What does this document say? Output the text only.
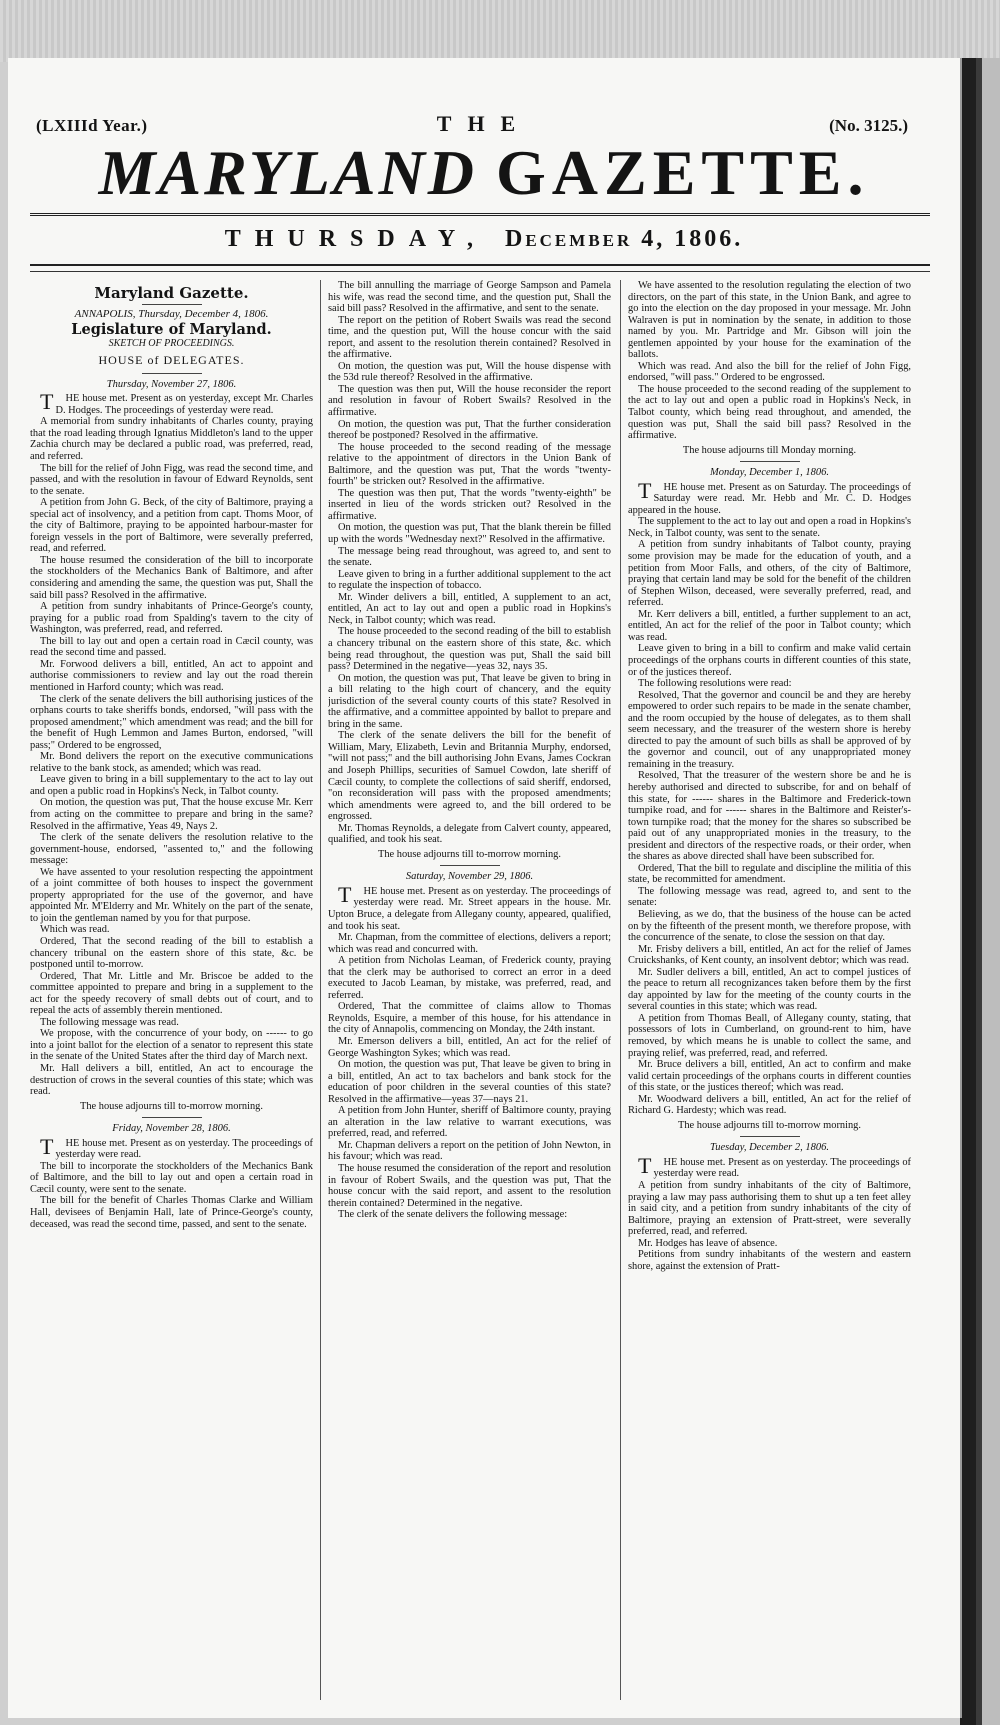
(LXIIId Year.)	THE	(No. 3125.)
MARYLAND GAZETTE.
THURSDAY, December 4, 1806.

Maryland Gazette.

ANNAPOLIS, Thursday, December 4, 1806.

Legislature of Maryland.

SKETCH OF PROCEEDINGS.

HOUSE of DELEGATES.

Thursday, November 27, 1806.

THE house met. Present as on yesterday, except Mr. Charles D. Hodges. The proceedings of yesterday were read.

A memorial from sundry inhabitants of Charles county, praying that the road leading through Ignatius Middleton's land to the upper Zachia church may be declared a public road, was preferred, read, and referred.

The bill for the relief of John Figg, was read the second time, and passed, and with the resolution in favour of Edward Reynolds, sent to the senate.

A petition from John G. Beck, of the city of Baltimore, praying a special act of insolvency, and a petition from capt. Thoms Moor, of the city of Baltimore, praying to be appointed harbour-master for foreign vessels in the port of Baltimore, were severally preferred, read, and referred.

The house resumed the consideration of the bill to incorporate the stockholders of the Mechanics Bank of Baltimore, and after considering and amending the same, the question was put, Shall the said bill pass? Resolved in the affirmative.

A petition from sundry inhabitants of Prince-George's county, praying for a public road from Spalding's tavern to the city of Washington, was preferred, read, and referred.

The bill to lay out and open a certain road in Cæcil county, was read the second time and passed.

Mr. Forwood delivers a bill, entitled, An act to appoint and authorise commissioners to review and lay out the road therein mentioned in Harford county; which was read.

The clerk of the senate delivers the bill authorising justices of the orphans courts to take sheriffs bonds, endorsed, "will pass with the proposed amendment;" which amendment was read; and the bill for the benefit of Hugh Lemmon and James Burton, endorsed, "will pass;" Ordered to be engrossed,

Mr. Bond delivers the report on the executive communications relative to the bank stock, as amended; which was read.

Leave given to bring in a bill supplementary to the act to lay out and open a public road in Hopkins's Neck, in Talbot county.

On motion, the question was put, That the house excuse Mr. Kerr from acting on the committee to prepare and bring in the same? Resolved in the affirmative, Yeas 49, Nays 2.

The clerk of the senate delivers the resolution relative to the government-house, endorsed, "assented to," and the following message:

We have assented to your resolution respecting the appointment of a joint committee of both houses to inspect the government property appropriated for the use of the governor, and have appointed Mr. M'Elderry and Mr. Whitely on the part of the senate, to join the gentleman named by you for that purpose.

Which was read.

Ordered, That the second reading of the bill to establish a chancery tribunal on the eastern shore of this state, &c. be postponed until to-morrow.

Ordered, That Mr. Little and Mr. Briscoe be added to the committee appointed to prepare and bring in a supplement to the act for the speedy recovery of small debts out of court, and to repeal the acts of assembly therein mentioned.

The following message was read.

We propose, with the concurrence of your body, on ------ to go into a joint ballot for the election of a senator to represent this state in the senate of the United States after the third day of March next.

Mr. Hall delivers a bill, entitled, An act to encourage the destruction of crows in the several counties of this state; which was read.

The house adjourns till to-morrow morning.

Friday, November 28, 1806.

THE house met. Present as on yesterday. The proceedings of yesterday were read.

The bill to incorporate the stockholders of the Mechanics Bank of Baltimore, and the bill to lay out and open a certain road in Cæcil county, were sent to the senate.

The bill for the benefit of Charles Thomas Clarke and William Hall, devisees of Benjamin Hall, late of Prince-George's county, deceased, was read the second time, passed, and sent to the senate.

The bill annulling the marriage of George Sampson and Pamela his wife, was read the second time, and the question put, Shall the said bill pass? Resolved in the affirmative, and sent to the senate.

The report on the petition of Robert Swails was read the second time, and the question put, Will the house concur with the said report, and assent to the resolution therein contained? Resolved in the affirmative.

On motion, the question was put, Will the house dispense with the 53d rule thereof? Resolved in the affirmative.

The question was then put, Will the house reconsider the report and resolution in favour of Robert Swails? Resolved in the affirmative.

On motion, the question was put, That the further consideration thereof be postponed? Resolved in the affirmative.

The house proceeded to the second reading of the message relative to the appointment of directors in the Union Bank of Baltimore, and the question was put, That the words "twenty-fourth" be stricken out? Resolved in the affirmative.

The question was then put, That the words "twenty-eighth" be inserted in lieu of the words stricken out? Resolved in the affirmative.

On motion, the question was put, That the blank therein be filled up with the words "Wednesday next?" Resolved in the affirmative.

The message being read throughout, was agreed to, and sent to the senate.

Leave given to bring in a further additional supplement to the act to regulate the inspection of tobacco.

Mr. Winder delivers a bill, entitled, A supplement to an act, entitled, An act to lay out and open a public road in Hopkins's Neck, in Talbot county; which was read.

The house proceeded to the second reading of the bill to establish a chancery tribunal on the eastern shore of this state, &c. which being read throughout, the question was put, Shall the said bill pass? Determined in the negative—yeas 32, nays 35.

On motion, the question was put, That leave be given to bring in a bill relating to the high court of chancery, and the equity jurisdiction of the several county courts of this state? Resolved in the affirmative, and a committee appointed by ballot to prepare and bring in the same.

The clerk of the senate delivers the bill for the benefit of William, Mary, Elizabeth, Levin and Britannia Murphy, endorsed, "will not pass;" and the bill authorising John Evans, James Cockran and Joseph Phillips, securities of Samuel Cowdon, late sheriff of Cæcil county, to complete the collections of said sheriff, endorsed, "on reconsideration will pass with the proposed amendments; which amendments were agreed to, and the bill ordered to be engrossed.

Mr. Thomas Reynolds, a delegate from Calvert county, appeared, qualified, and took his seat.

The house adjourns till to-morrow morning.

Saturday, November 29, 1806.

THE house met. Present as on yesterday. The proceedings of yesterday were read. Mr. Street appears in the house. Mr. Upton Bruce, a delegate from Allegany county, appeared, qualified, and took his seat.

Mr. Chapman, from the committee of elections, delivers a report; which was read and concurred with.

A petition from Nicholas Leaman, of Frederick county, praying that the clerk may be authorised to correct an error in a deed executed to Jacob Leaman, by mistake, was preferred, read, and referred.

Ordered, That the committee of claims allow to Thomas Reynolds, Esquire, a member of this house, for his attendance in the city of Annapolis, commencing on Monday, the 24th instant.

Mr. Emerson delivers a bill, entitled, An act for the relief of George Washington Sykes; which was read.

On motion, the question was put, That leave be given to bring in a bill, entitled, An act to tax bachelors and bank stock for the education of poor children in the several counties of this state? Resolved in the affirmative—yeas 37—nays 21.

A petition from John Hunter, sheriff of Baltimore county, praying an alteration in the law relative to warrant executions, was preferred, read, and referred.

Mr. Chapman delivers a report on the petition of John Newton, in his favour; which was read.

The house resumed the consideration of the report and resolution in favour of Robert Swails, and the question was put, That the house concur with the said report, and assent to the resolution therein contained? Determined in the negative.

The clerk of the senate delivers the following message:

We have assented to the resolution regulating the election of two directors, on the part of this state, in the Union Bank, and agree to go into the election on the day proposed in your message. Mr. John Walraven is put in nomination by the senate, in addition to those named by you. Mr. Partridge and Mr. Gibson will join the gentlemen appointed by your house for the examination of the ballots.

Which was read. And also the bill for the relief of John Figg, endorsed, "will pass." Ordered to be engrossed.

The house proceeded to the second reading of the supplement to the act to lay out and open a public road in Hopkins's Neck, in Talbot county, which being read throughout, and amended, the question was put, Shall the said bill pass? Resolved in the affirmative.

The house adjourns till Monday morning.

Monday, December 1, 1806.

THE house met. Present as on Saturday. The proceedings of Saturday were read. Mr. Hebb and Mr. C. D. Hodges appeared in the house.

The supplement to the act to lay out and open a road in Hopkins's Neck, in Talbot county, was sent to the senate.

A petition from sundry inhabitants of Talbot county, praying some provision may be made for the education of youth, and a petition from Moor Falls, and others, of the city of Baltimore, praying that certain land may be sold for the benefit of the children of Stephen Wilson, deceased, were severally preferred, read, and referred.

Mr. Kerr delivers a bill, entitled, a further supplement to an act, entitled, An act for the relief of the poor in Talbot county; which was read.

Leave given to bring in a bill to confirm and make valid certain proceedings of the orphans courts in different counties of this state, or of the justices thereof.

The following resolutions were read:

Resolved, That the governor and council be and they are hereby empowered to order such repairs to be made in the senate chamber, and the room occupied by the house of delegates, as to them shall seem necessary, and the treasurer of the western shore is hereby directed to pay the amount of such bills as shall be approved of by the governor and council, out of any unappropriated money remaining in the treasury.

Resolved, That the treasurer of the western shore be and he is hereby authorised and directed to subscribe, for and on behalf of this state, for ------ shares in the Baltimore and Frederick-town turnpike road, and for ------ shares in the Baltimore and Reister's-town turnpike road; that the money for the shares so subscribed be paid out of any unappropriated monies in the treasury, to the president and directors of the respective roads, or their order, when the shares as above directed shall have been subscribed for.

Ordered, That the bill to regulate and discipline the militia of this state, be recommitted for amendment.

The following message was read, agreed to, and sent to the senate:

Believing, as we do, that the business of the house can be acted on by the fifteenth of the present month, we therefore propose, with the concurrence of the senate, to close the session on that day.

Mr. Frisby delivers a bill, entitled, An act for the relief of James Cruickshanks, of Kent county, an insolvent debtor; which was read.

Mr. Sudler delivers a bill, entitled, An act to compel justices of the peace to return all recognizances taken before them by the first day appointed by law for the meeting of the county courts in the several counties in this state; which was read.

A petition from Thomas Beall, of Allegany county, stating, that possessors of lots in Cumberland, on ground-rent to him, have removed, by which means he is unable to collect the same, and praying relief, was preferred, read, and referred.

Mr. Bruce delivers a bill, entitled, An act to confirm and make valid certain proceedings of the orphans courts in different counties of this state, or the justices thereof; which was read.

Mr. Woodward delivers a bill, entitled, An act for the relief of Richard G. Hardesty; which was read.

The house adjourns till to-morrow morning.

Tuesday, December 2, 1806.

THE house met. Present as on yesterday. The proceedings of yesterday were read.

A petition from sundry inhabitants of the city of Baltimore, praying a law may pass authorising them to shut up a ten feet alley in said city, and a petition from sundry inhabitants of the city of Baltimore, praying an extension of Pratt-street, were severally preferred, read, and referred.

Mr. Hodges has leave of absence.

Petitions from sundry inhabitants of the western and eastern shore, against the extension of Pratt-
